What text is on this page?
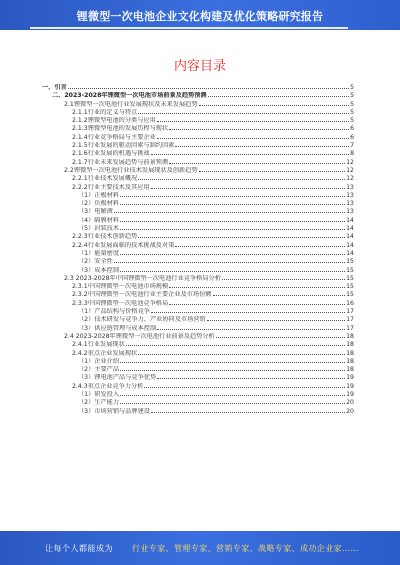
锂微型一次电池企业文化构建及优化策略研究报告
内容目录
一、引言	5
二、2023-2028年锂微型一次电池市场前景及趋势预测	5
2.1锂微型一次电池行业发展现状及未来发展趋势	5
2.1.1行业的定义与特点	5
2.1.2锂微型电池的分类与应用	5
2.1.3锂微型电池的发展历程与现状	6
2.1.4行业竞争格局与主要企业	6
2.1.5行业发展的驱动因素与制约因素	7
2.1.6行业发展的机遇与挑战	8
2.1.7行业未来发展趋势与前景预测	12
2.2锂微型一次电池行业技术发展现状及创新趋势	12
2.2.1行业技术发展概况	12
2.2.2行业主要技术及其应用	13
（1）正极材料	13
（2）负极材料	13
（3）电解液	13
（4）隔膜材料	14
（5）封装技术	14
2.2.3行业技术创新趋势	14
2.2.4行业发展面临的技术挑战及对策	14
（1）能量密度	14
（2）安全性	15
（3）成本控制	15
2.3 2023-2028年中国锂微型一次电池行业竞争格局分析	15
2.3.1中国锂微型一次电池市场规模	15
2.3.2中国锂微型一次电池行业主要企业及市场份额	15
2.3.3中国锂微型一次电池竞争格局	16
（1）产品结构与价格竞争	17
（2）技术研发与竞争力、产业协同及市场营销	17
（3）供应链管理与成本控制	17
2.4 2023-2028年锂微型一次电池行业前景及趋势分析	18
2.4.1行业发展现状	18
2.4.2重点企业发展现状	18
（1）企业介绍	18
（2）主要产品	18
（3）锂电池产品与竞争优势	19
2.4.3重点企业竞争力分析	19
（1）研发投入	19
（2）生产能力	20
（3）市场营销与品牌建设	20
让每个人都能成为 行业专家、管理专家、营销专家、战略专家、成功企业家……
